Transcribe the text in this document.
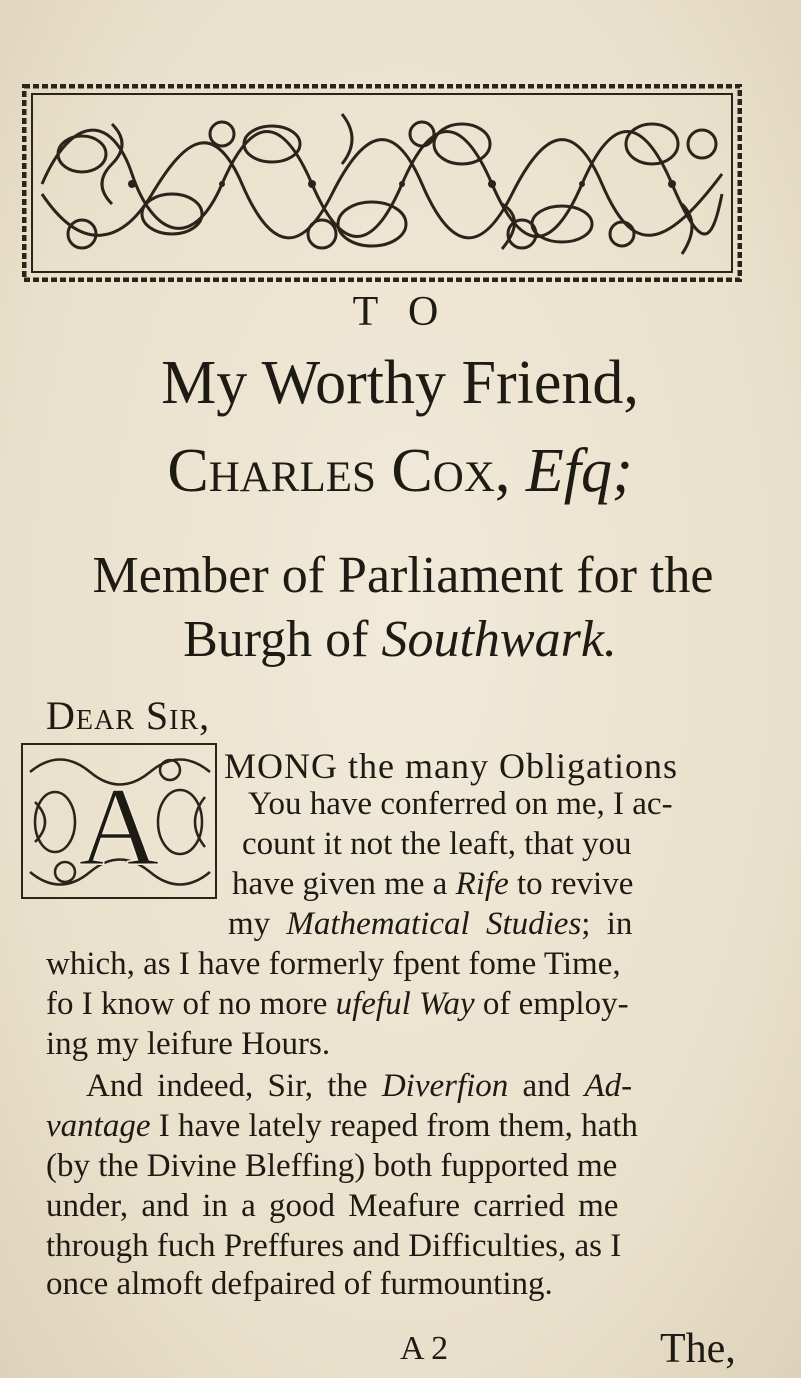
T O
My Worthy Friend,
Charles Cox, Efq;
Member of Parliament for the
Burgh of Southwark.
Dear Sir,
A MONG the many Obligations
You have conferred on me, I ac-
count it not the leaft, that you
have given me a Rife to revive
my Mathematical Studies; in
which, as I have formerly fpent fome Time,
fo I know of no more ufeful Way of employ-
ing my leifure Hours.
And indeed, Sir, the Diverfion and Ad-
vantage I have lately reaped from them, hath
(by the Divine Bleffing) both fupported me
under, and in a good Meafure carried me
through fuch Preffures and Difficulties, as I
once almoft defpaired of furmounting.
A 2	The,
